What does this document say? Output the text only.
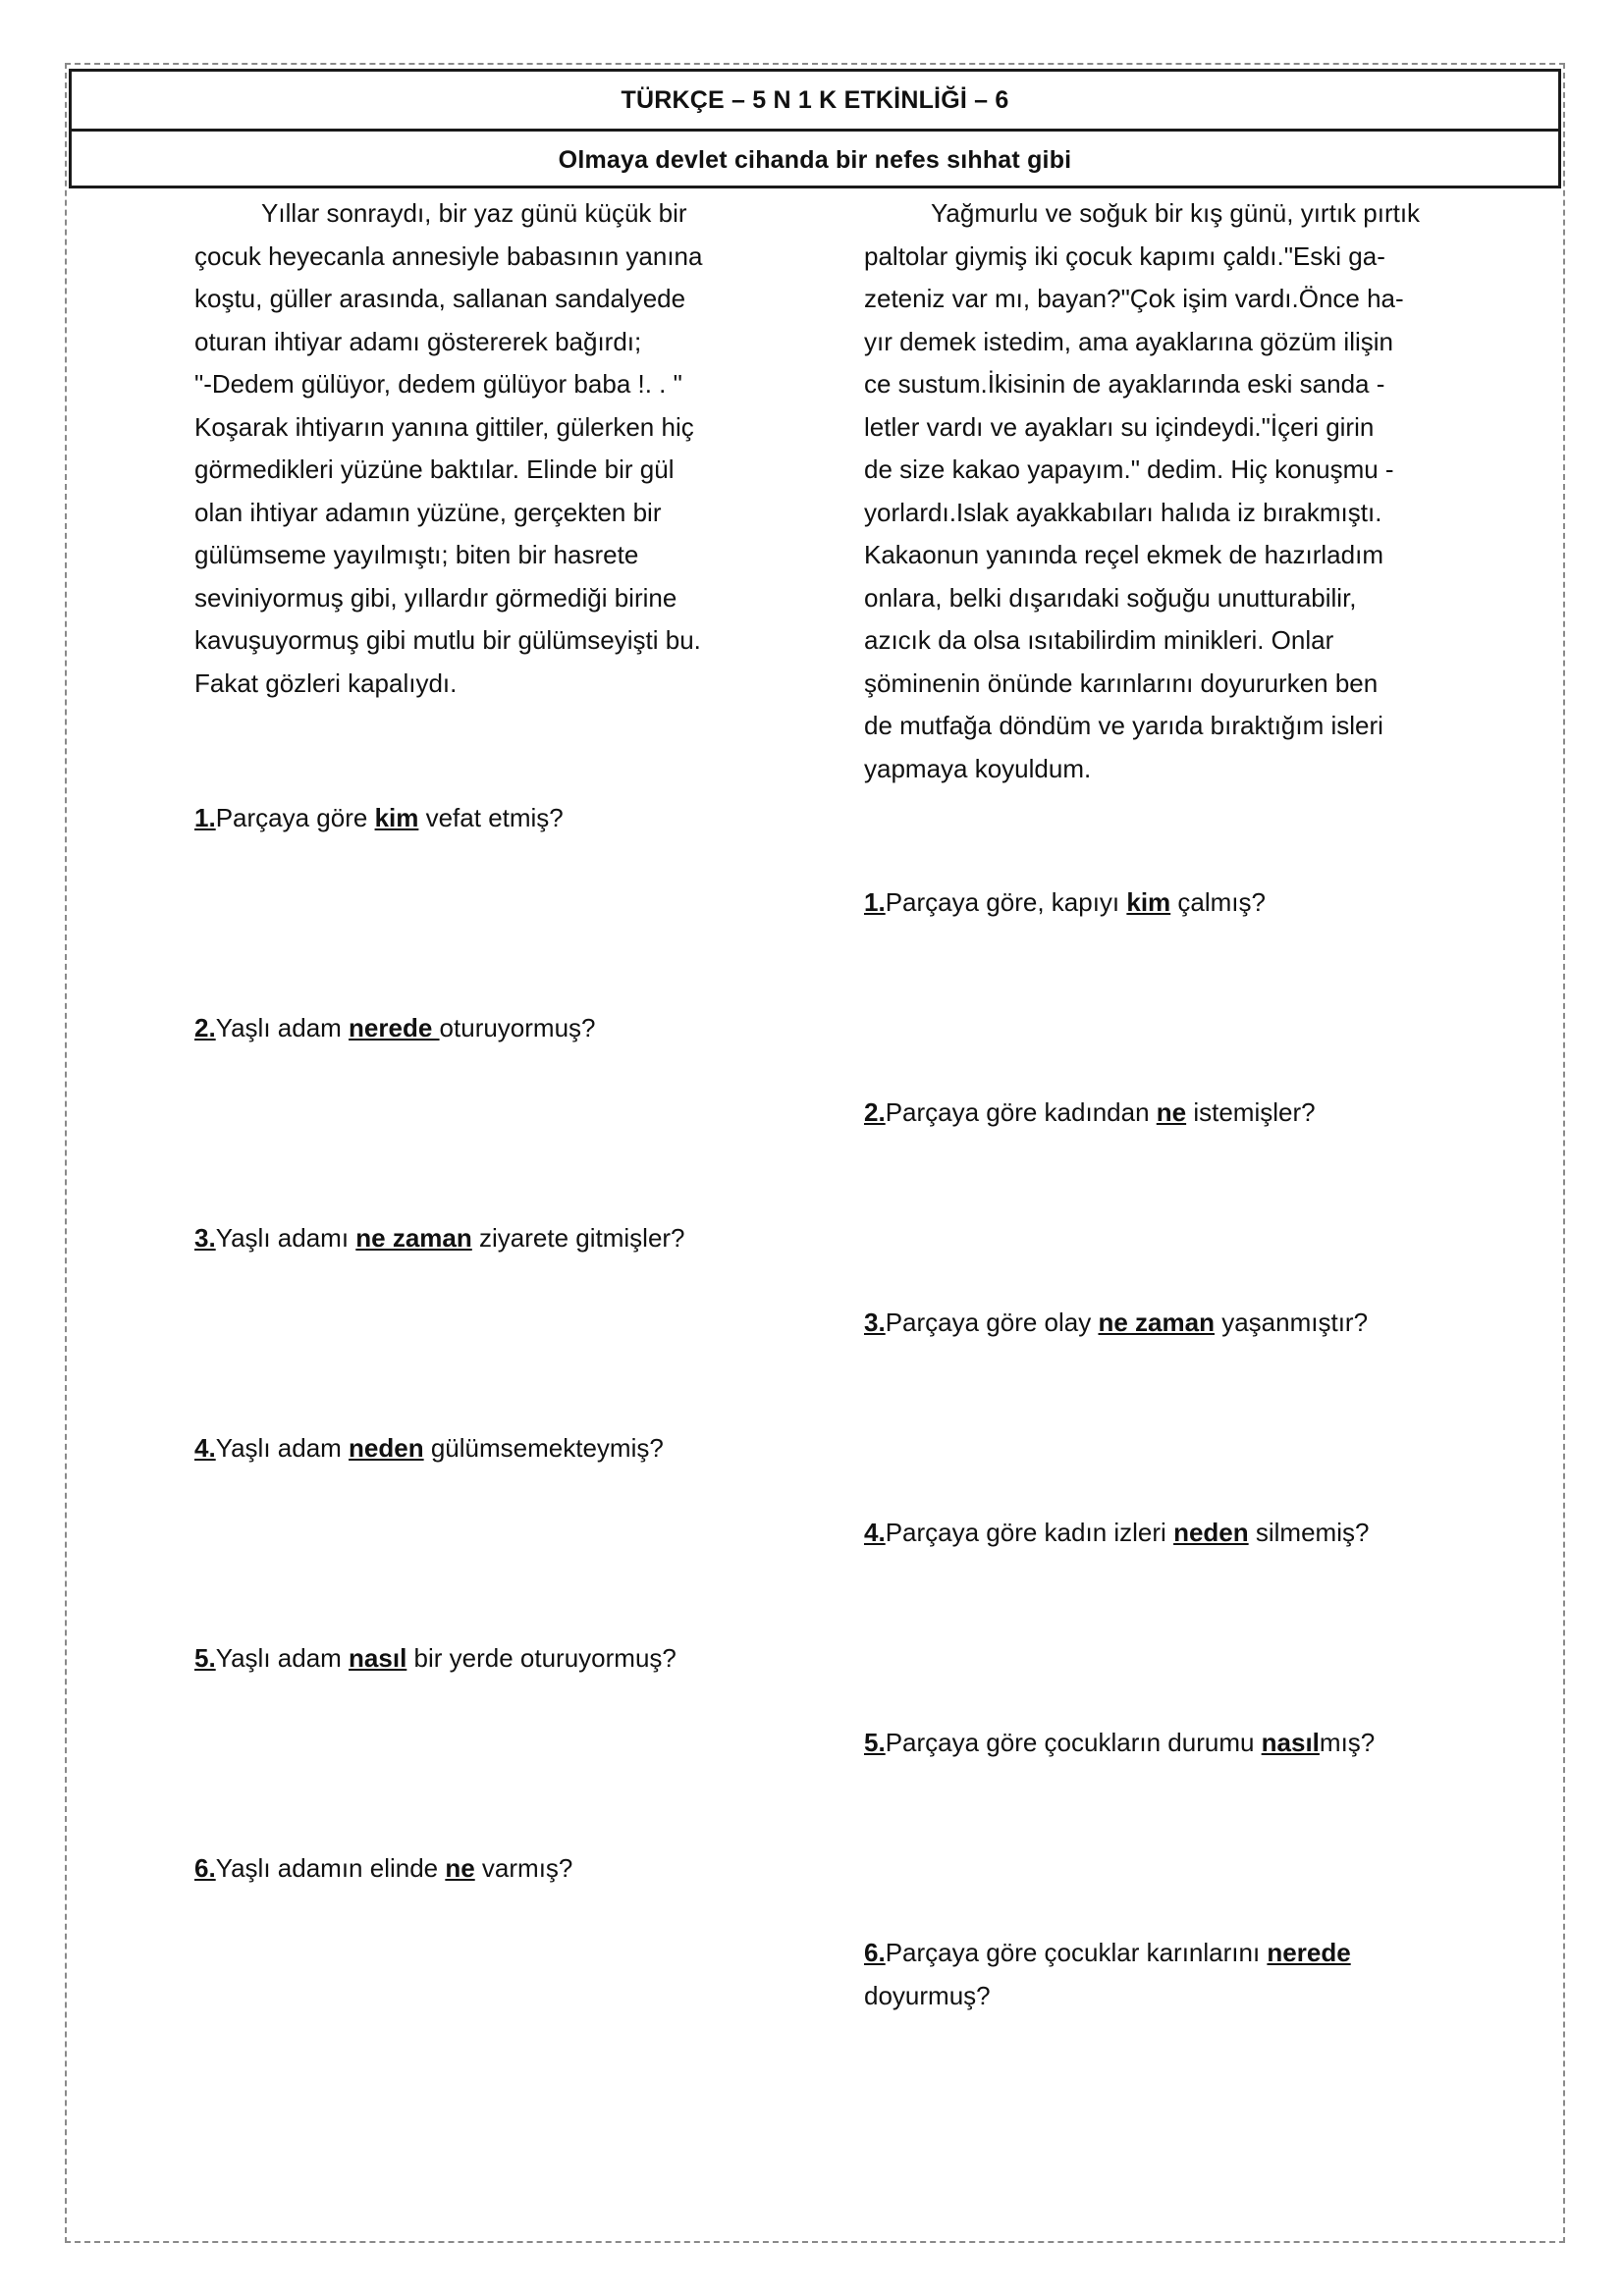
TÜRKÇE – 5 N 1 K ETKİNLİĞİ – 6
Olmaya devlet cihanda bir nefes sıhhat gibi

Yıllar sonraydı, bir yaz günü küçük bir

çocuk heyecanla annesiyle babasının yanına

koştu, güller arasında, sallanan sandalyede

oturan ihtiyar adamı göstererek bağırdı;

"-Dedem gülüyor, dedem gülüyor baba !. . "

Koşarak ihtiyarın yanına gittiler, gülerken hiç

görmedikleri yüzüne baktılar. Elinde bir gül

olan ihtiyar adamın yüzüne, gerçekten bir

gülümseme yayılmıştı; biten bir hasrete

seviniyormuş gibi, yıllardır görmediği birine

kavuşuyormuş gibi mutlu bir gülümseyişti bu.

Fakat gözleri kapalıydı.

Yağmurlu ve soğuk bir kış günü, yırtık pırtık

paltolar giymiş iki çocuk kapımı çaldı."Eski ga-

zeteniz var mı, bayan?"Çok işim vardı.Önce ha-

yır demek istedim, ama ayaklarına gözüm ilişin

ce sustum.İkisinin de ayaklarında eski sanda -

letler vardı ve ayakları su içindeydi."İçeri girin

de size kakao yapayım." dedim. Hiç konuşmu -

yorlardı.Islak ayakkabıları halıda iz bırakmıştı.

Kakaonun yanında reçel ekmek de hazırladım

onlara, belki dışarıdaki soğuğu unutturabilir,

azıcık da olsa ısıtabilirdim minikleri. Onlar

şöminenin önünde karınlarını doyururken ben

de mutfağa döndüm ve yarıda bıraktığım isleri

yapmaya koyuldum.

1.Parçaya göre kim vefat etmiş?
2.Yaşlı adam nerede oturuyormuş?
3.Yaşlı adamı ne zaman ziyarete gitmişler?
4.Yaşlı adam neden gülümsemekteymiş?
5.Yaşlı adam nasıl bir yerde oturuyormuş?
6.Yaşlı adamın elinde ne varmış?
1.Parçaya göre, kapıyı kim çalmış?
2.Parçaya göre kadından ne istemişler?
3.Parçaya göre olay ne zaman yaşanmıştır?
4.Parçaya göre kadın izleri neden silmemiş?
5.Parçaya göre çocukların durumu nasılmış?
6.Parçaya göre çocuklar karınlarını nerede
doyurmuş?
